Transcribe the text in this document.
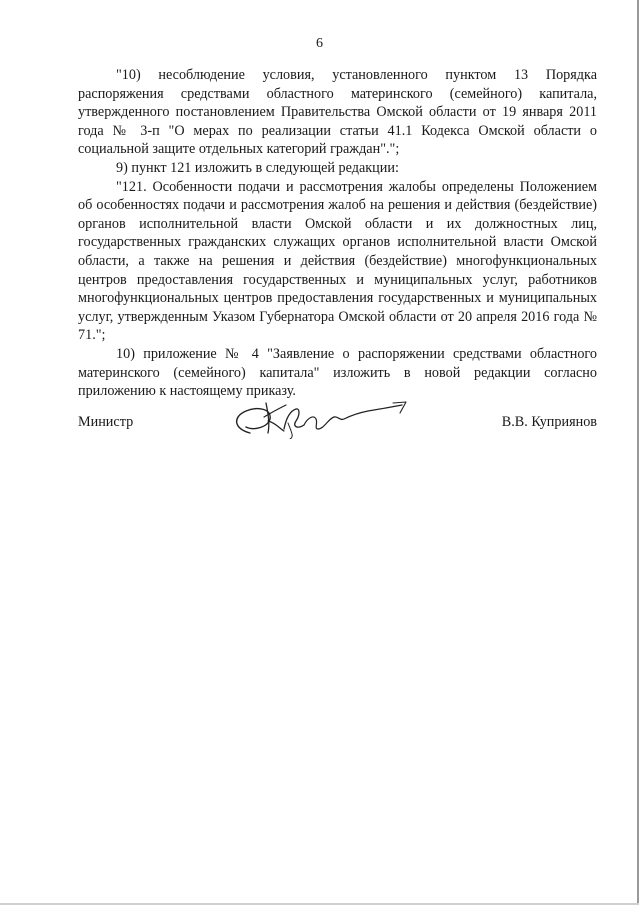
6

"10) несоблюдение условия, установленного пунктом 13 Порядка распоряжения средствами областного материнского (семейного) капитала, утвержденного постановлением Правительства Омской области от 19 января 2011 года № 3-п "О мерах по реализации статьи 41.1 Кодекса Омской области о социальной защите отдельных категорий граждан".";

9) пункт 121 изложить в следующей редакции:

"121. Особенности подачи и рассмотрения жалобы определены Положением об особенностях подачи и рассмотрения жалоб на решения и действия (бездействие) органов исполнительной власти Омской области и их должностных лиц, государственных гражданских служащих органов исполнительной власти Омской области, а также на решения и действия (бездействие) многофункциональных центров предоставления государственных и муниципальных услуг, работников многофункциональных центров предоставления государственных и муниципальных услуг, утвержденным Указом Губернатора Омской области от 20 апреля 2016 года № 71.";

10) приложение № 4 "Заявление о распоряжении средствами областного материнского (семейного) капитала" изложить в новой редакции согласно приложению к настоящему приказу.

Министр	В.В. Куприянов
